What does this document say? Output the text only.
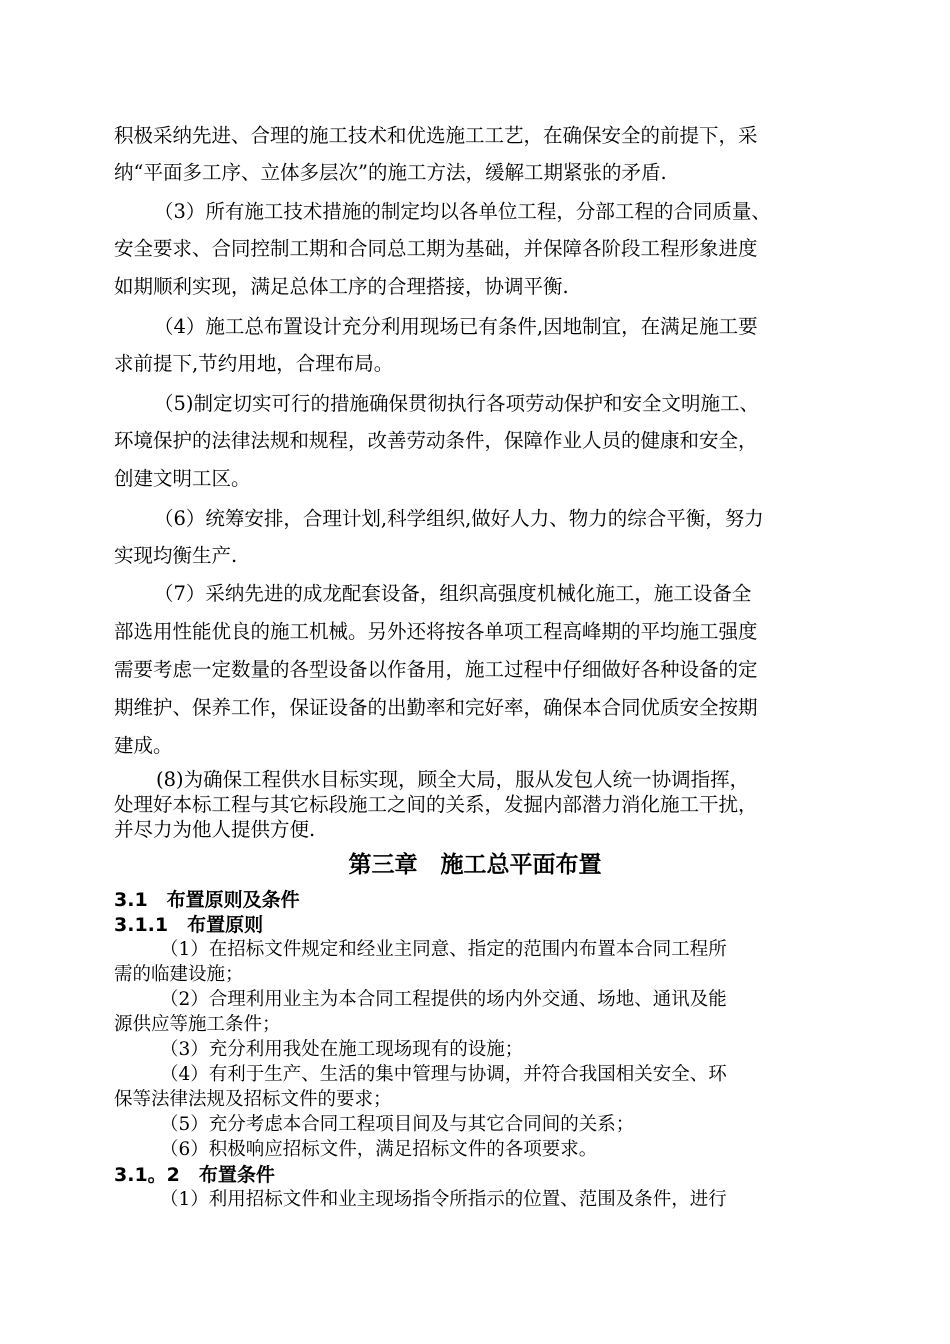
积极采纳先进、合理的施工技术和优选施工工艺，在确保安全的前提下，采
纳“平面多工序、立体多层次”的施工方法，缓解工期紧张的矛盾.
（3）所有施工技术措施的制定均以各单位工程，分部工程的合同质量、
安全要求、合同控制工期和合同总工期为基础，并保障各阶段工程形象进度
如期顺利实现，满足总体工序的合理搭接，协调平衡.
（4）施工总布置设计充分利用现场已有条件,因地制宜，在满足施工要
求前提下,节约用地，合理布局。
（5)制定切实可行的措施确保贯彻执行各项劳动保护和安全文明施工、
环境保护的法律法规和规程，改善劳动条件，保障作业人员的健康和安全，
创建文明工区。
（6）统筹安排，合理计划,科学组织,做好人力、物力的综合平衡，努力
实现均衡生产.
（7）采纳先进的成龙配套设备，组织高强度机械化施工，施工设备全
部选用性能优良的施工机械。另外还将按各单项工程高峰期的平均施工强度
需要考虑一定数量的各型设备以作备用，施工过程中仔细做好各种设备的定
期维护、保养工作，保证设备的出勤率和完好率，确保本合同优质安全按期
建成。
(8)为确保工程供水目标实现，顾全大局，服从发包人统一协调指挥，
处理好本标工程与其它标段施工之间的关系，发掘内部潜力消化施工干扰，
并尽力为他人提供方便.
第三章　施工总平面布置
3.1　布置原则及条件
3.1.1　布置原则
（1）在招标文件规定和经业主同意、指定的范围内布置本合同工程所
需的临建设施；
（2）合理利用业主为本合同工程提供的场内外交通、场地、通讯及能
源供应等施工条件；
（3）充分利用我处在施工现场现有的设施；
（4）有利于生产、生活的集中管理与协调，并符合我国相关安全、环
保等法律法规及招标文件的要求；
（5）充分考虑本合同工程项目间及与其它合同间的关系；
（6）积极响应招标文件，满足招标文件的各项要求。
3.1。2　布置条件
（1）利用招标文件和业主现场指令所指示的位置、范围及条件，进行
